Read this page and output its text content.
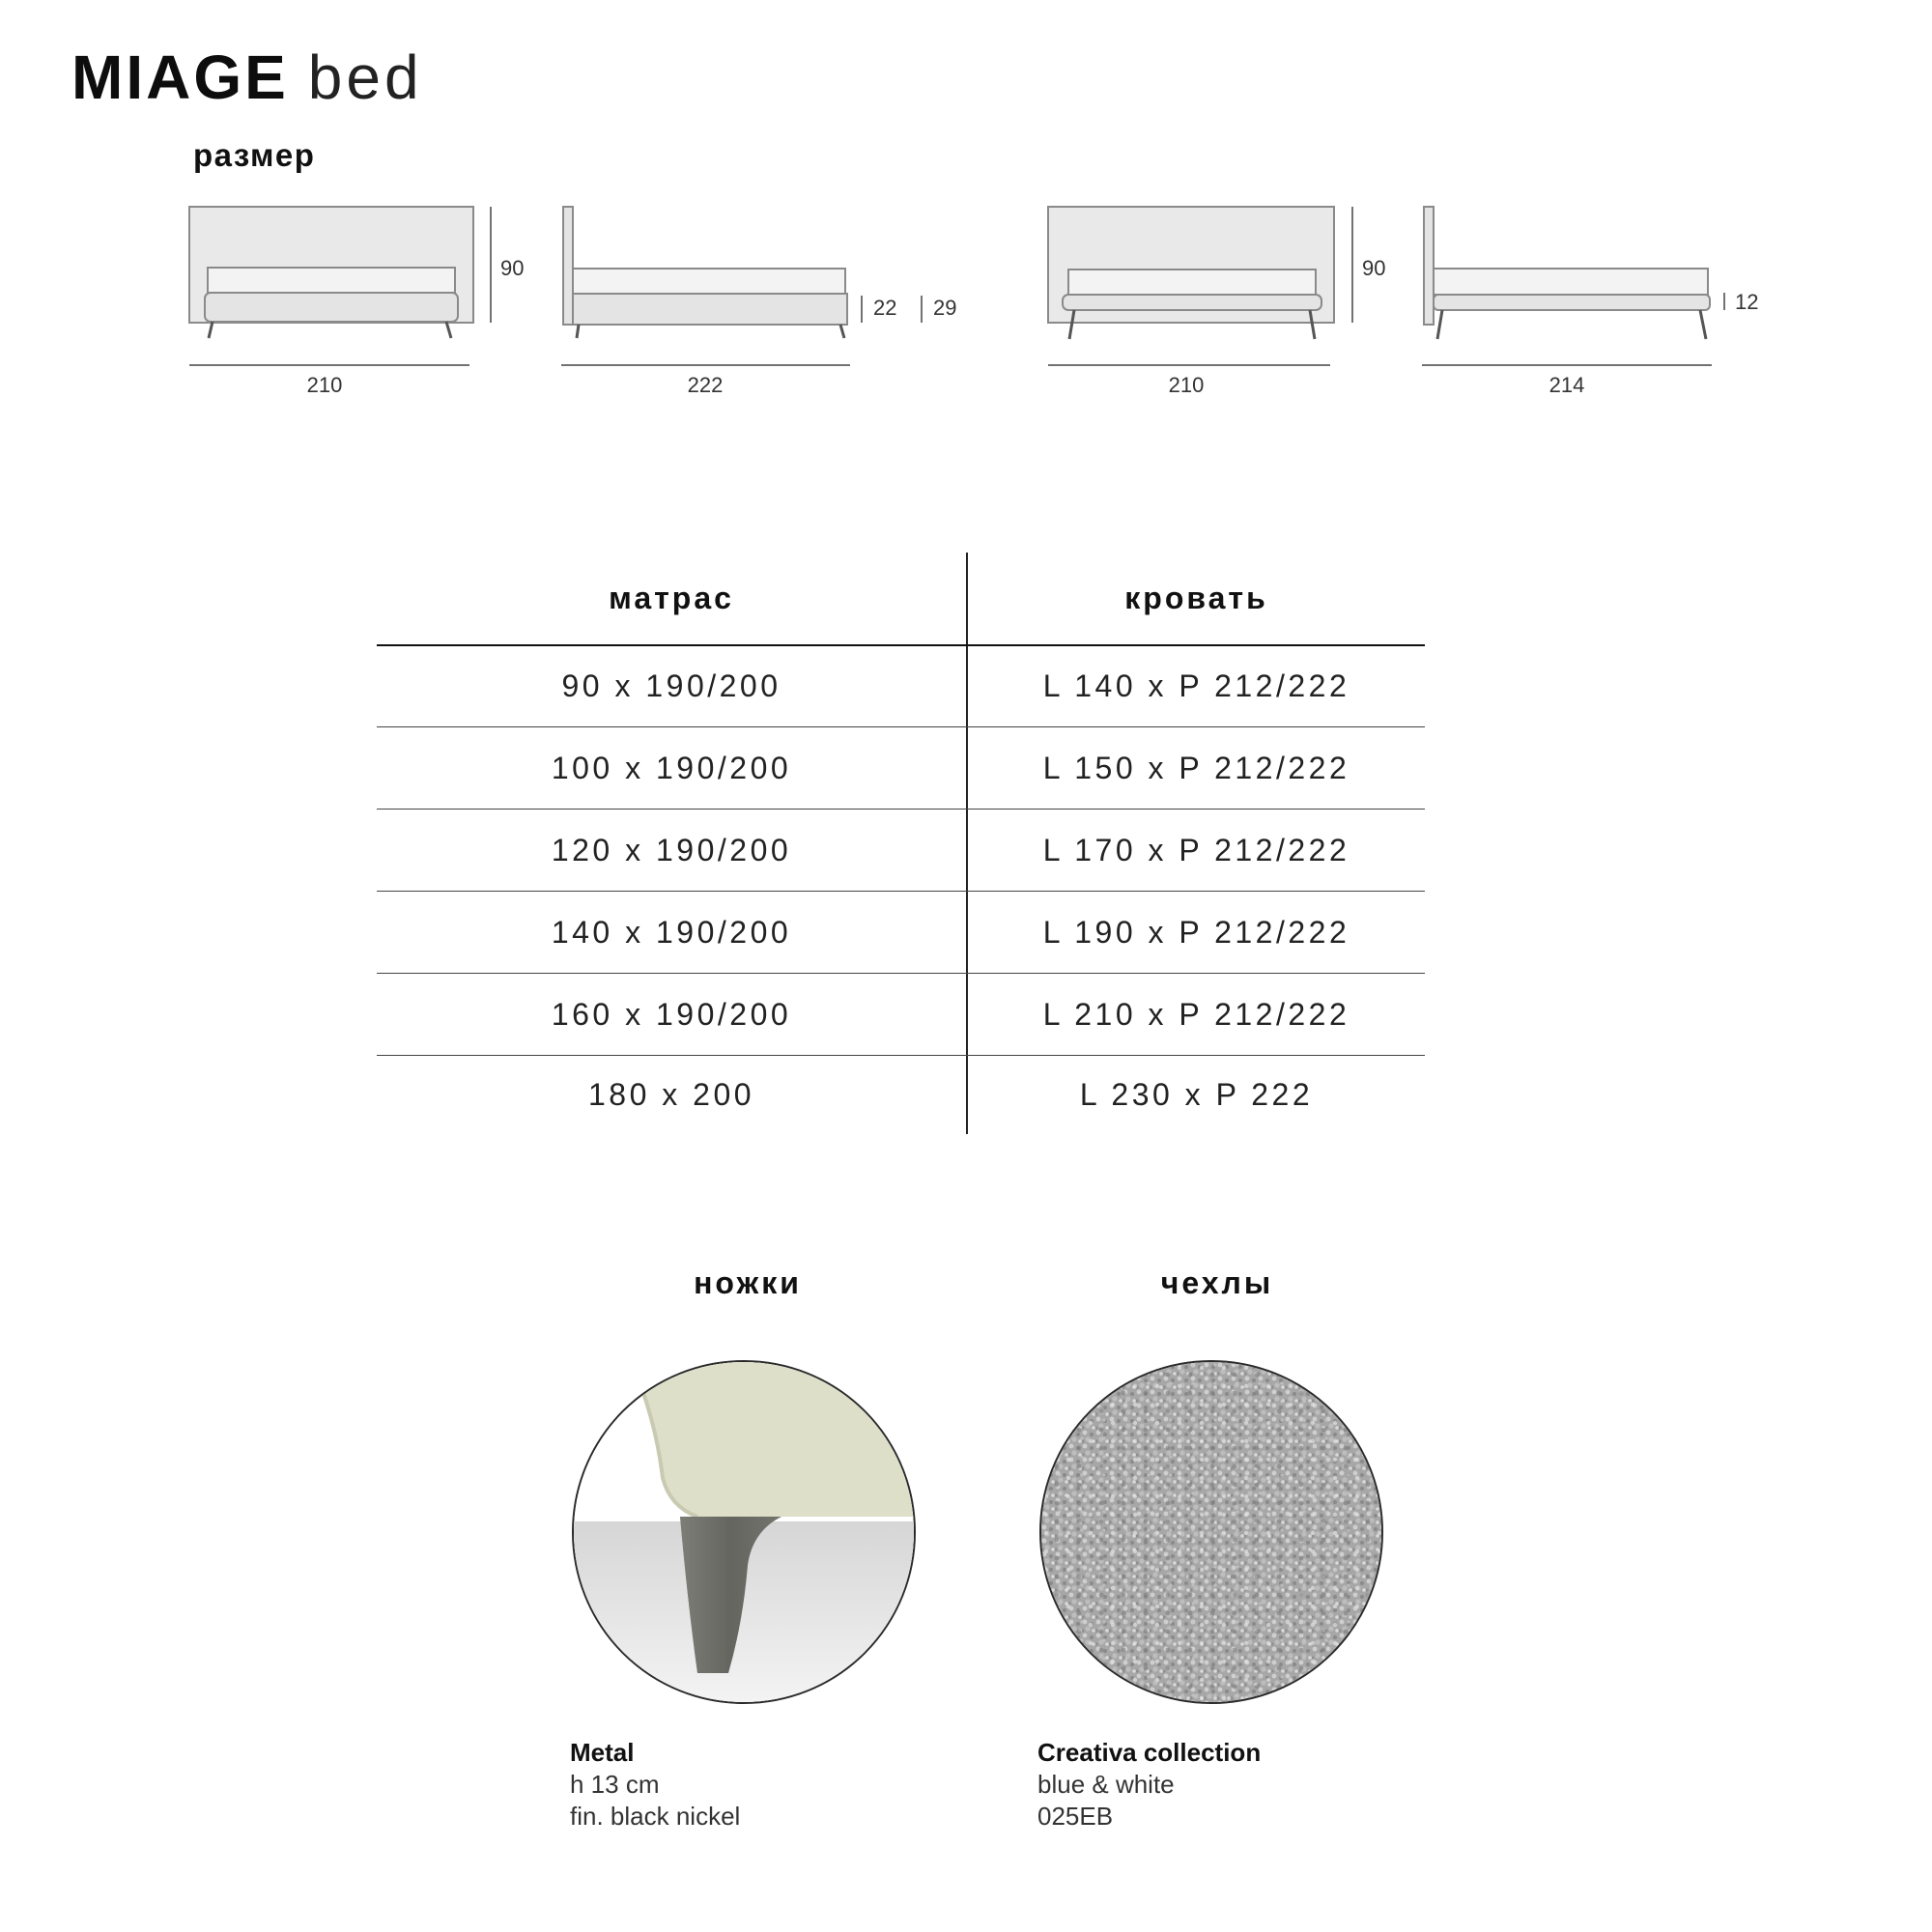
MIAGE bed
размер
90
210
22 29
222
90
210
12
214
матрас	кровать
90 x 190/200	L 140 x P 212/222
100 x 190/200	L 150 x P 212/222
120 x 190/200	L 170 x P 212/222
140 x 190/200	L 190 x P 212/222
160 x 190/200	L 210 x P 212/222
180 x 200	L 230 x P 222
ножки	чехлы
Metal
h 13 cm
fin. black nickel
Creativa collection
blue & white
025EB
